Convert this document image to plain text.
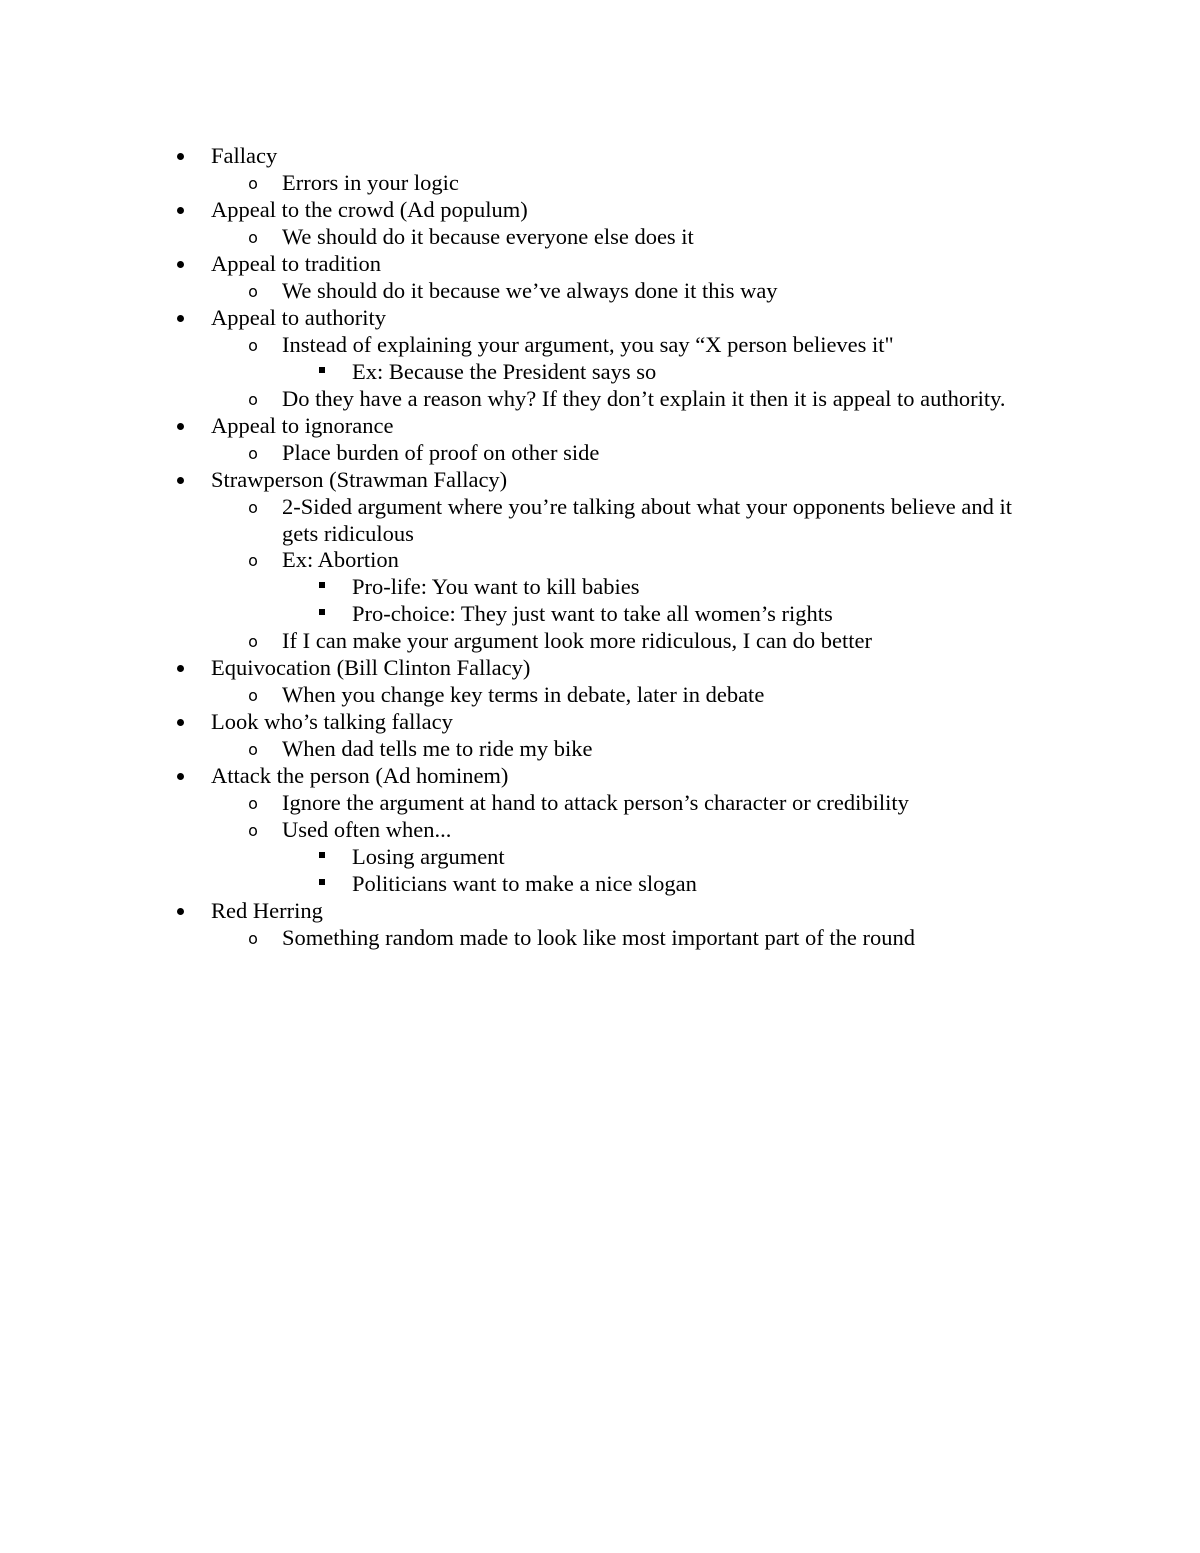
Fallacy
o Errors in your logic
Appeal to the crowd (Ad populum)
o We should do it because everyone else does it
Appeal to tradition
o We should do it because we’ve always done it this way
Appeal to authority
o Instead of explaining your argument, you say “X person believes it"
Ex: Because the President says so
o Do they have a reason why? If they don’t explain it then it is appeal to authority.
Appeal to ignorance
o Place burden of proof on other side
Strawperson (Strawman Fallacy)
o 2-Sided argument where you’re talking about what your opponents believe and it gets ridiculous
o Ex: Abortion
Pro-life: You want to kill babies
Pro-choice: They just want to take all women’s rights
o If I can make your argument look more ridiculous, I can do better
Equivocation (Bill Clinton Fallacy)
o When you change key terms in debate, later in debate
Look who’s talking fallacy
o When dad tells me to ride my bike
Attack the person (Ad hominem)
o Ignore the argument at hand to attack person’s character or credibility
o Used often when...
Losing argument
Politicians want to make a nice slogan
Red Herring
o Something random made to look like most important part of the round
